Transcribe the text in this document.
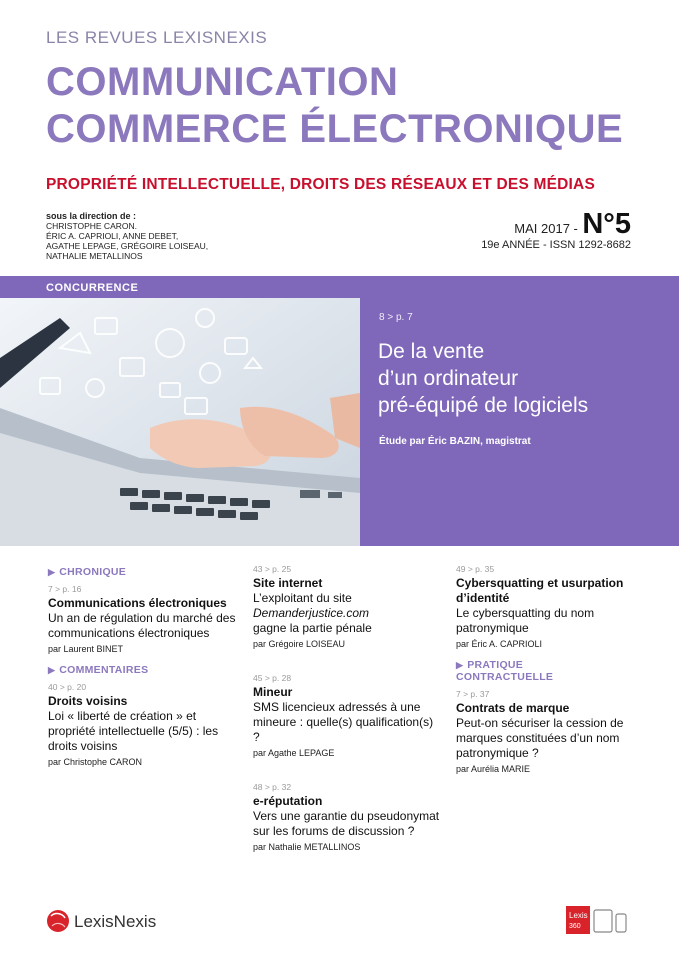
LES REVUES LEXISNEXIS
COMMUNICATION
COMMERCE ÉLECTRONIQUE
PROPRIÉTÉ INTELLECTUELLE, DROITS DES RÉSEAUX ET DES MÉDIAS
sous la direction de :
CHRISTOPHE CARON.
ÉRIC A. CAPRIOLI, ANNE DEBET,
AGATHE LEPAGE, GRÉGOIRE LOISEAU,
NATHALIE METALLINOS
MAI 2017 - N°5
19e ANNÉE - ISSN 1292-8682
CONCURRENCE
8 > p. 7
De la vente
d’un ordinateur
pré-équipé de logiciels
Étude par Éric BAZIN, magistrat
▶ CHRONIQUE
7 > p. 16
Communications électroniques
Un an de régulation du marché des communications électroniques
par Laurent BINET
▶ COMMENTAIRES
40 > p. 20
Droits voisins
Loi « liberté de création » et propriété intellectuelle (5/5) : les droits voisins
par Christophe CARON
43 > p. 25
Site internet
L’exploitant du site
Demanderjustice.com
gagne la partie pénale
par Grégoire LOISEAU
45 > p. 28
Mineur
SMS licencieux adressés à une mineure : quelle(s) qualification(s) ?
par Agathe LEPAGE
48 > p. 32
e-réputation
Vers une garantie du pseudonymat sur les forums de discussion ?
par Nathalie METALLINOS
49 > p. 35
Cybersquatting et usurpation d’identité
Le cybersquatting du nom patronymique
par Éric A. CAPRIOLI
▶ PRATIQUE
CONTRACTUELLE
7 > p. 37
Contrats de marque
Peut-on sécuriser la cession de marques constituées d’un nom patronymique ?
par Aurélia MARIE
LexisNexis	Lexis
360
